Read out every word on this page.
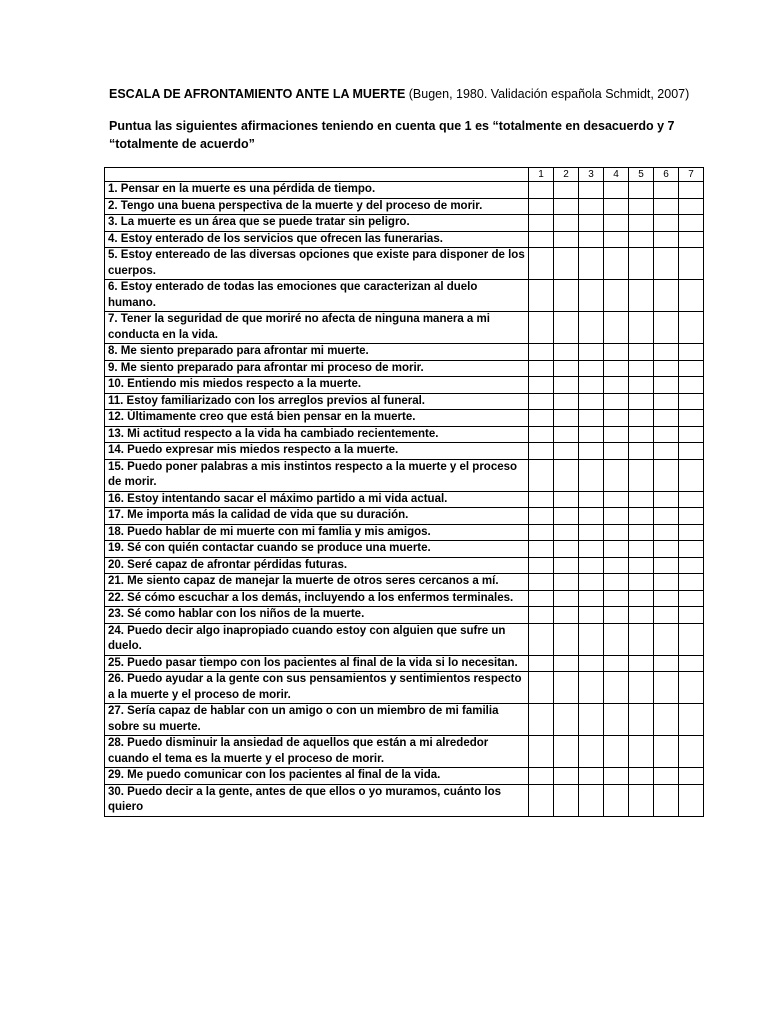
ESCALA DE AFRONTAMIENTO ANTE LA MUERTE (Bugen, 1980. Validación española Schmidt, 2007)
Puntua las siguientes afirmaciones teniendo en cuenta que 1 es “totalmente en desacuerdo y 7 “totalmente de acuerdo”
	1	2	3	4	5	6	7
1. Pensar en la muerte es una pérdida de tiempo.							
2. Tengo una buena perspectiva de la muerte y del proceso de morir.							
3. La muerte es un área que se puede tratar sin peligro.							
4. Estoy enterado de los servicios que ofrecen las funerarias.							
5. Estoy entereado de las diversas opciones que existe para disponer de los cuerpos.							
6. Estoy enterado de todas las emociones que caracterizan al duelo humano.							
7. Tener la seguridad de que moriré no afecta de ninguna manera a mi conducta en la vida.							
8. Me siento preparado para afrontar mi muerte.							
9. Me siento preparado para afrontar mi proceso de morir.							
10. Entiendo mis miedos respecto a la muerte.							
11. Estoy familiarizado con los arreglos previos al funeral.							
12. Últimamente creo que está bien pensar en la muerte.							
13. Mi actitud respecto a la vida ha cambiado recientemente.							
14. Puedo expresar mis miedos respecto a la muerte.							
15. Puedo poner palabras a mis instintos respecto a la muerte y el proceso de morir.							
16. Estoy intentando sacar el máximo partido a mi vida actual.							
17. Me importa más la calidad de vida que su duración.							
18. Puedo hablar de mi muerte con mi famlia y mis amigos.							
19. Sé con quién contactar cuando se produce una muerte.							
20. Seré capaz de afrontar pérdidas futuras.							
21. Me siento capaz de manejar la muerte de otros seres cercanos a mí.							
22. Sé cómo escuchar a los demás, incluyendo a los enfermos terminales.							
23. Sé como hablar con los niños de la muerte.							
24. Puedo decir algo inapropiado cuando estoy con alguien que sufre un duelo.							
25. Puedo pasar tiempo con los pacientes al final de la vida si lo necesitan.							
26. Puedo ayudar a la gente con sus pensamientos y sentimientos respecto a la muerte y el proceso de morir.							
27. Sería capaz de hablar con un amigo o con un miembro de mi familia sobre su muerte.							
28. Puedo disminuir la ansiedad de aquellos que están a mi alrededor cuando el tema es la muerte y el proceso de morir.							
29. Me puedo comunicar con los pacientes al final de la vida.							
30. Puedo decir a la gente, antes de que ellos o yo muramos, cuánto los quiero							
